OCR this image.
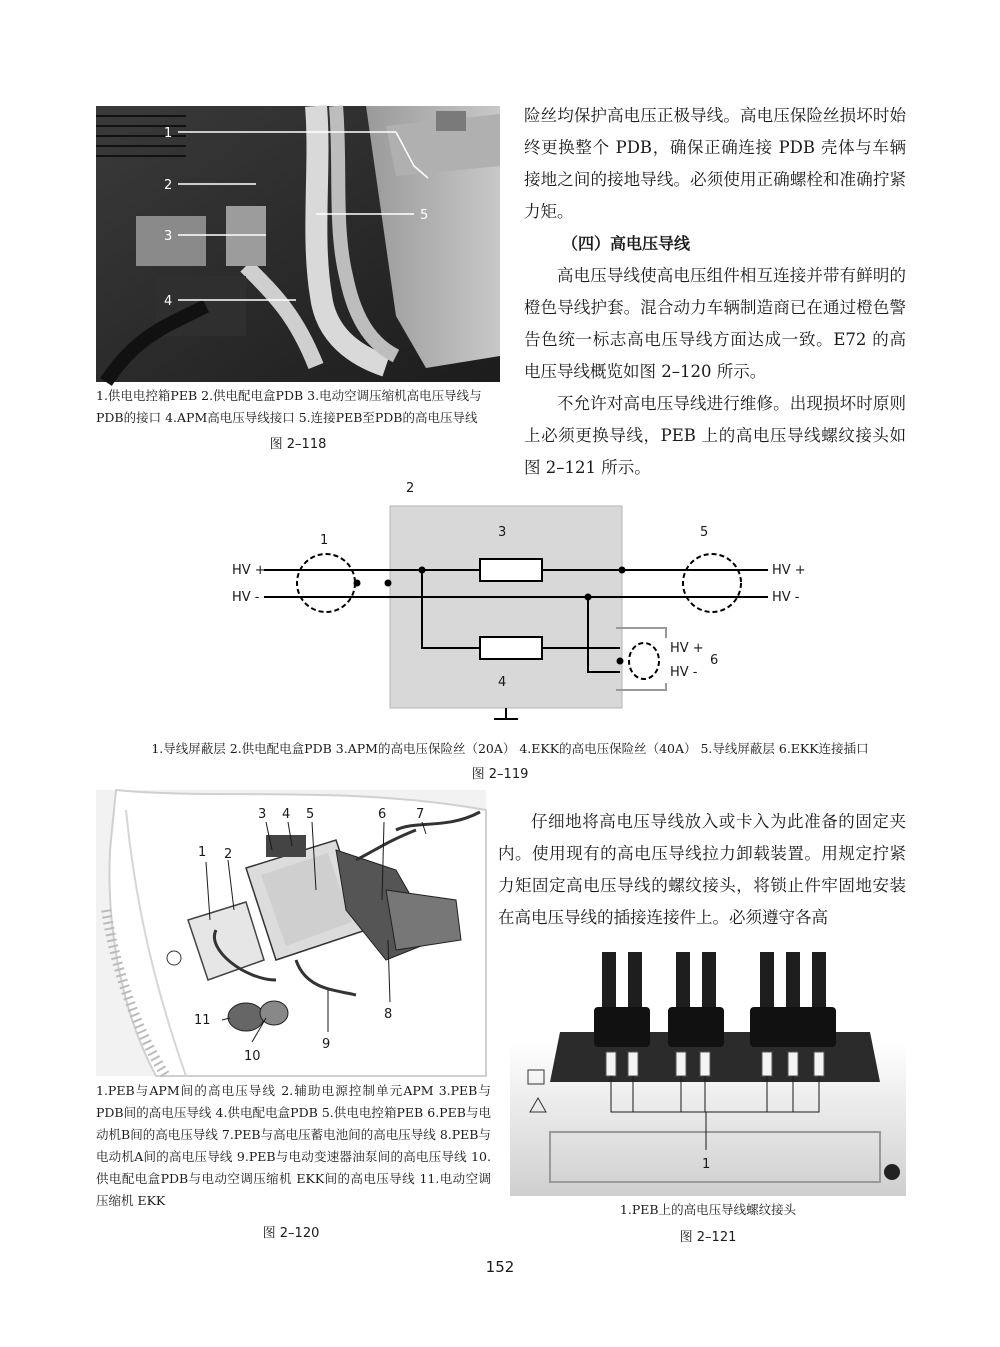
1
2
3
4
5
1.供电电控箱PEB 2.供电配电盒PDB 3.电动空调压缩机高电压导线与PDB的接口 4.APM高电压导线接口 5.连接PEB至PDB的高电压导线
图 2–118

险丝均保护高电压正极导线。高电压保险丝损坏时始终更换整个 PDB，确保正确连接 PDB 壳体与车辆接地之间的接地导线。必须使用正确螺栓和准确拧紧力矩。

（四）高电压导线

高电压导线使高电压组件相互连接并带有鲜明的橙色导线护套。混合动力车辆制造商已在通过橙色警告色统一标志高电压导线方面达成一致。E72 的高电压导线概览如图 2–120 所示。

不允许对高电压导线进行维修。出现损坏时原则上必须更换导线，PEB 上的高电压导线螺纹接头如图 2–121 所示。

HV +
HV -
HV +
HV -
HV +
HV -
1
2
3
4
5
6
1.导线屏蔽层 2.供电配电盒PDB 3.APM的高电压保险丝（20A） 4.EKK的高电压保险丝（40A） 5.导线屏蔽层 6.EKK连接插口
图 2–119
1 2
3 4 5	6 7
8
9
10
11
1.PEB与APM间的高电压导线 2.辅助电源控制单元APM 3.PEB与PDB间的高电压导线 4.供电配电盒PDB 5.供电电控箱PEB 6.PEB与电动机B间的高电压导线 7.PEB与高电压蓄电池间的高电压导线 8.PEB与电动机A间的高电压导线 9.PEB与电动变速器油泵间的高电压导线 10.供电配电盒PDB与电动空调压缩机 EKK间的高电压导线 11.电动空调压缩机 EKK
图 2–120

仔细地将高电压导线放入或卡入为此准备的固定夹内。使用现有的高电压导线拉力卸载装置。用规定拧紧力矩固定高电压导线的螺纹接头，将锁止件牢固地安装在高电压导线的插接连接件上。必须遵守各高

1
1.PEB上的高电压导线螺纹接头
图 2–121
152
